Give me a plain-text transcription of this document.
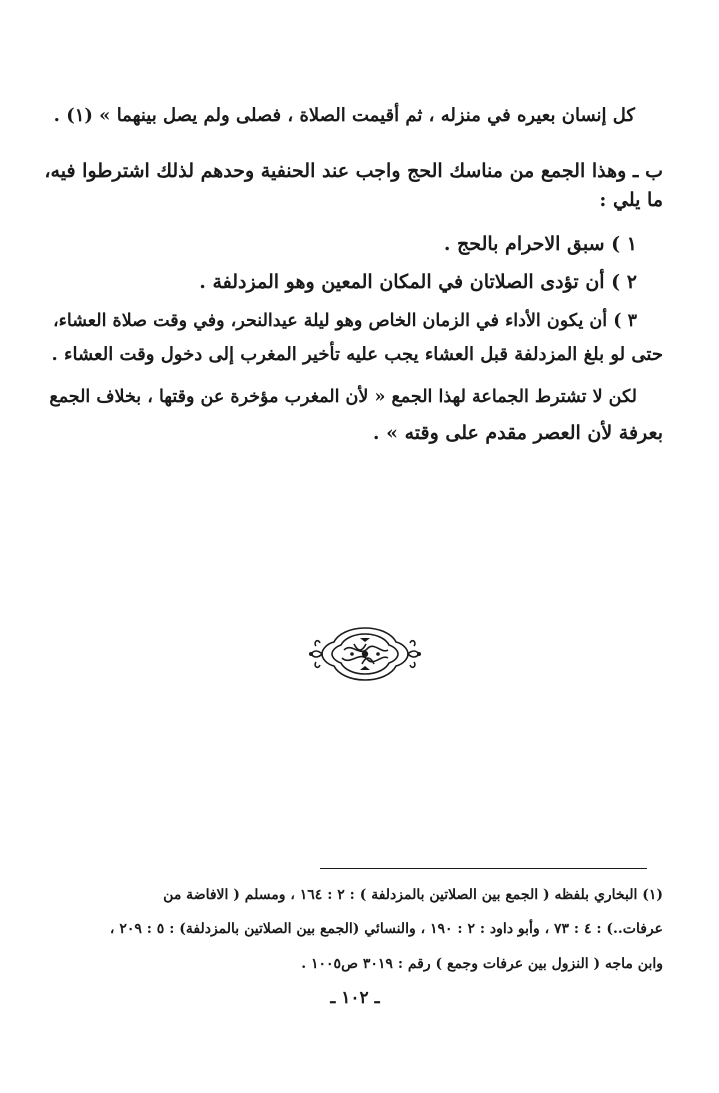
كل إنسان بعيره في منزله ، ثم أقيمت الصلاة ، فصلى ولم يصل بينهما » (١) .
ب ـ وهذا الجمع من مناسك الحج واجب عند الحنفية وحدهم لذلك اشترطوا فيه،
ما يلي :
١ ) سبق الاحرام بالحج .
٢ ) أن تؤدى الصلاتان في المكان المعين وهو المزدلفة .
٣ ) أن يكون الأداء في الزمان الخاص وهو ليلة عيدالنحر، وفي وقت صلاة العشاء،
حتى لو بلغ المزدلفة قبل العشاء يجب عليه تأخير المغرب إلى دخول وقت العشاء .
لكن لا تشترط الجماعة لهذا الجمع « لأن المغرب مؤخرة عن وقتها ، بخلاف الجمع
بعرفة لأن العصر مقدم على وقته » .
(١) البخاري بلفظه ( الجمع بين الصلاتين بالمزدلفة ) : ٢ : ١٦٤ ، ومسلم ( الافاضة من
عرفات..) : ٤ : ٧٣ ، وأبو داود : ٢ : ١٩٠ ، والنسائي (الجمع بين الصلاتين بالمزدلفة) : ٥ : ٢٠٩ ،
وابن ماجه ( النزول بين عرفات وجمع ) رقم : ٣٠١٩ ص١٠٠٥ .
ـ ١٠٢ ـ
